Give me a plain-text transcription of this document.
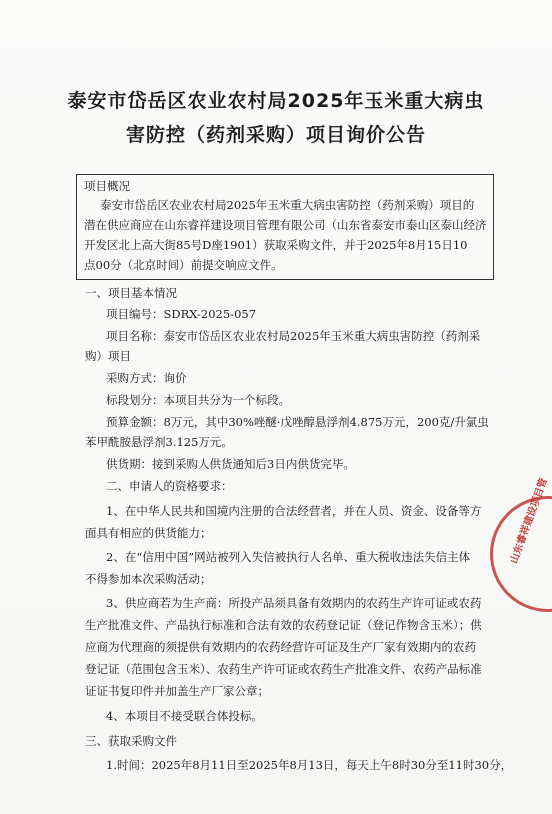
泰安市岱岳区农业农村局2025年玉米重大病虫
害防控（药剂采购）项目询价公告
项目概况
泰安市岱岳区农业农村局2025年玉米重大病虫害防控（药剂采购）项目的
潜在供应商应在山东睿祥建设项目管理有限公司（山东省泰安市泰山区泰山经济
开发区北上高大街85号D座1901）获取采购文件，并于2025年8月15日10
点00分（北京时间）前提交响应文件。
一、项目基本情况
项目编号：SDRX-2025-057
项目名称：泰安市岱岳区农业农村局2025年玉米重大病虫害防控（药剂采
购）项目
采购方式：询价
标段划分：本项目共分为一个标段。
预算金额：8万元，其中30%唑醚·戊唑醇悬浮剂4.875万元，200克/升氯虫
苯甲酰胺悬浮剂3.125万元。
供货期：接到采购人供货通知后3日内供货完毕。
二、申请人的资格要求：
1、在中华人民共和国境内注册的合法经营者，并在人员、资金、设备等方
面具有相应的供货能力；
2、在“信用中国”网站被列入失信被执行人名单、重大税收违法失信主体
不得参加本次采购活动；
3、供应商若为生产商：所投产品须具备有效期内的农药生产许可证或农药
生产批准文件、产品执行标准和合法有效的农药登记证（登记作物含玉米）；供
应商为代理商的须提供有效期内的农药经营许可证及生产厂家有效期内的农药
登记证（范围包含玉米）、农药生产许可证或农药生产批准文件、农药产品标准
证证书复印件并加盖生产厂家公章；
4、本项目不接受联合体投标。
三、获取采购文件
1.时间：2025年8月11日至2025年8月13日，每天上午8时30分至11时30分，
山东睿祥建设项目管
